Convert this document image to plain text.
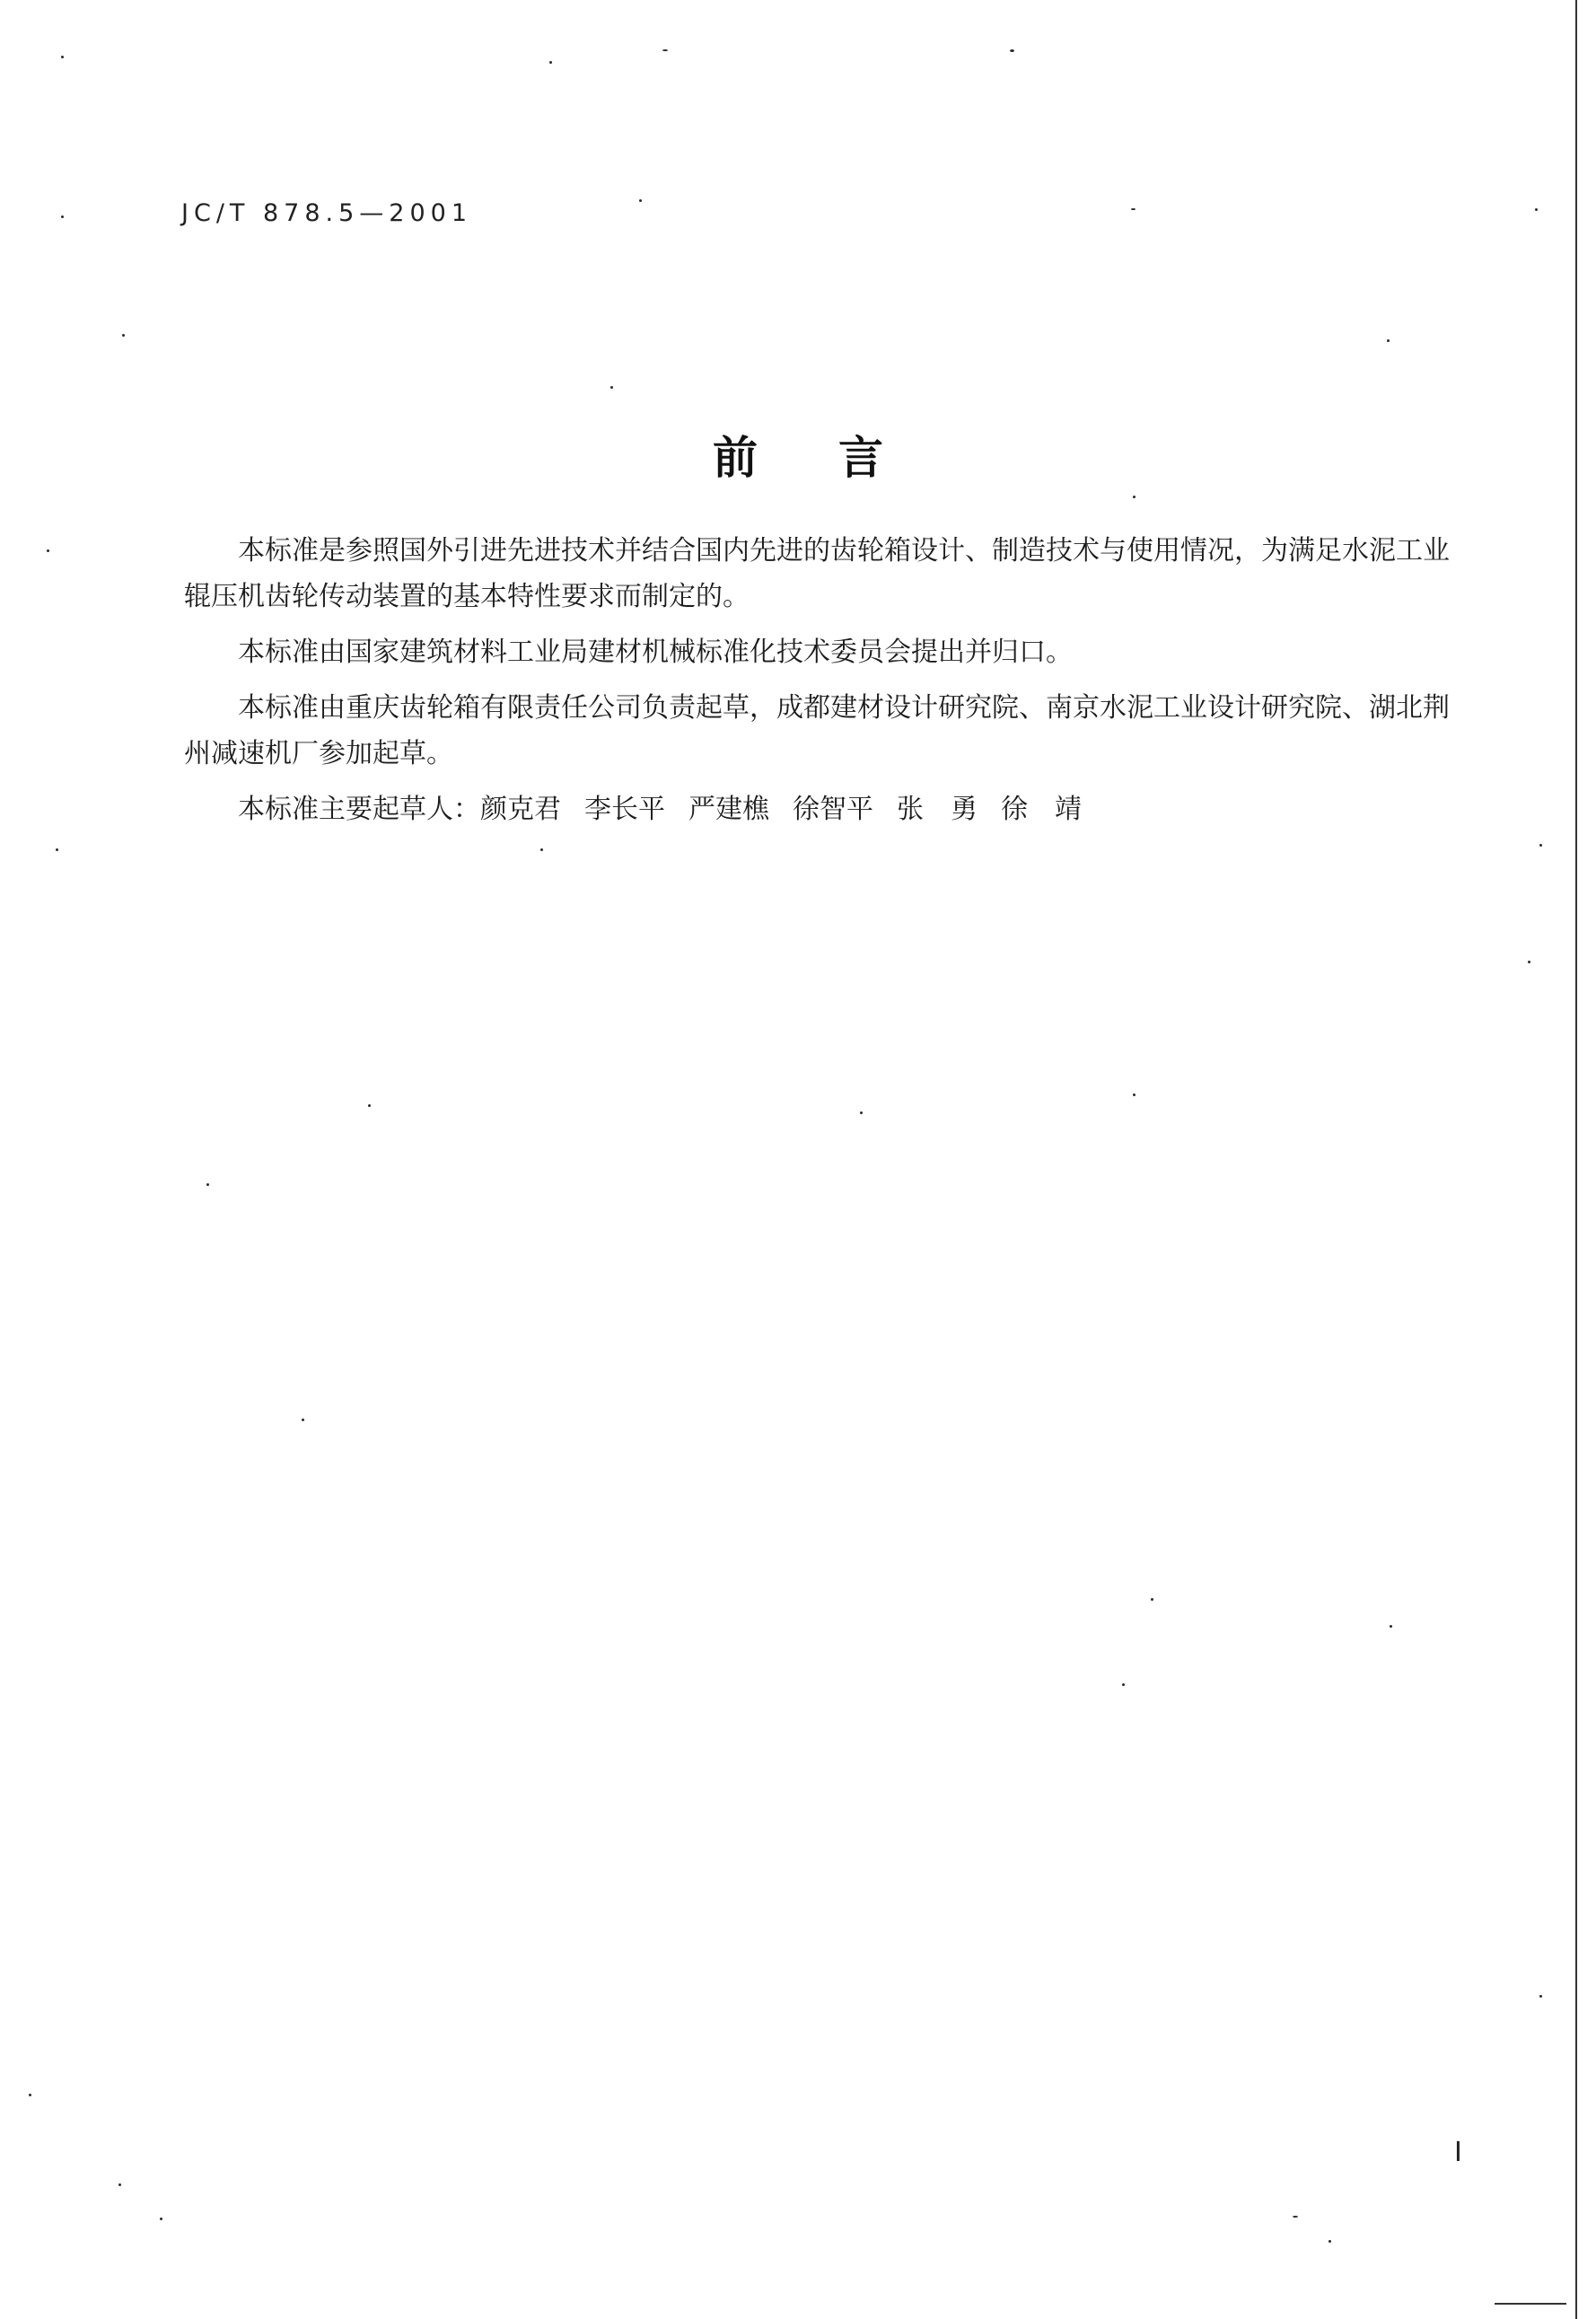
JC/T 878.5—2001
前言

本标准是参照国外引进先进技术并结合国内先进的齿轮箱设计、制造技术与使用情况，为满足水泥工业辊压机齿轮传动装置的基本特性要求而制定的。

本标准由国家建筑材料工业局建材机械标准化技术委员会提出并归口。

本标准由重庆齿轮箱有限责任公司负责起草，成都建材设计研究院、南京水泥工业设计研究院、湖北荆州减速机厂参加起草。

本标准主要起草人：颜克君 李长平 严建樵 徐智平 张　勇 徐　靖

I
